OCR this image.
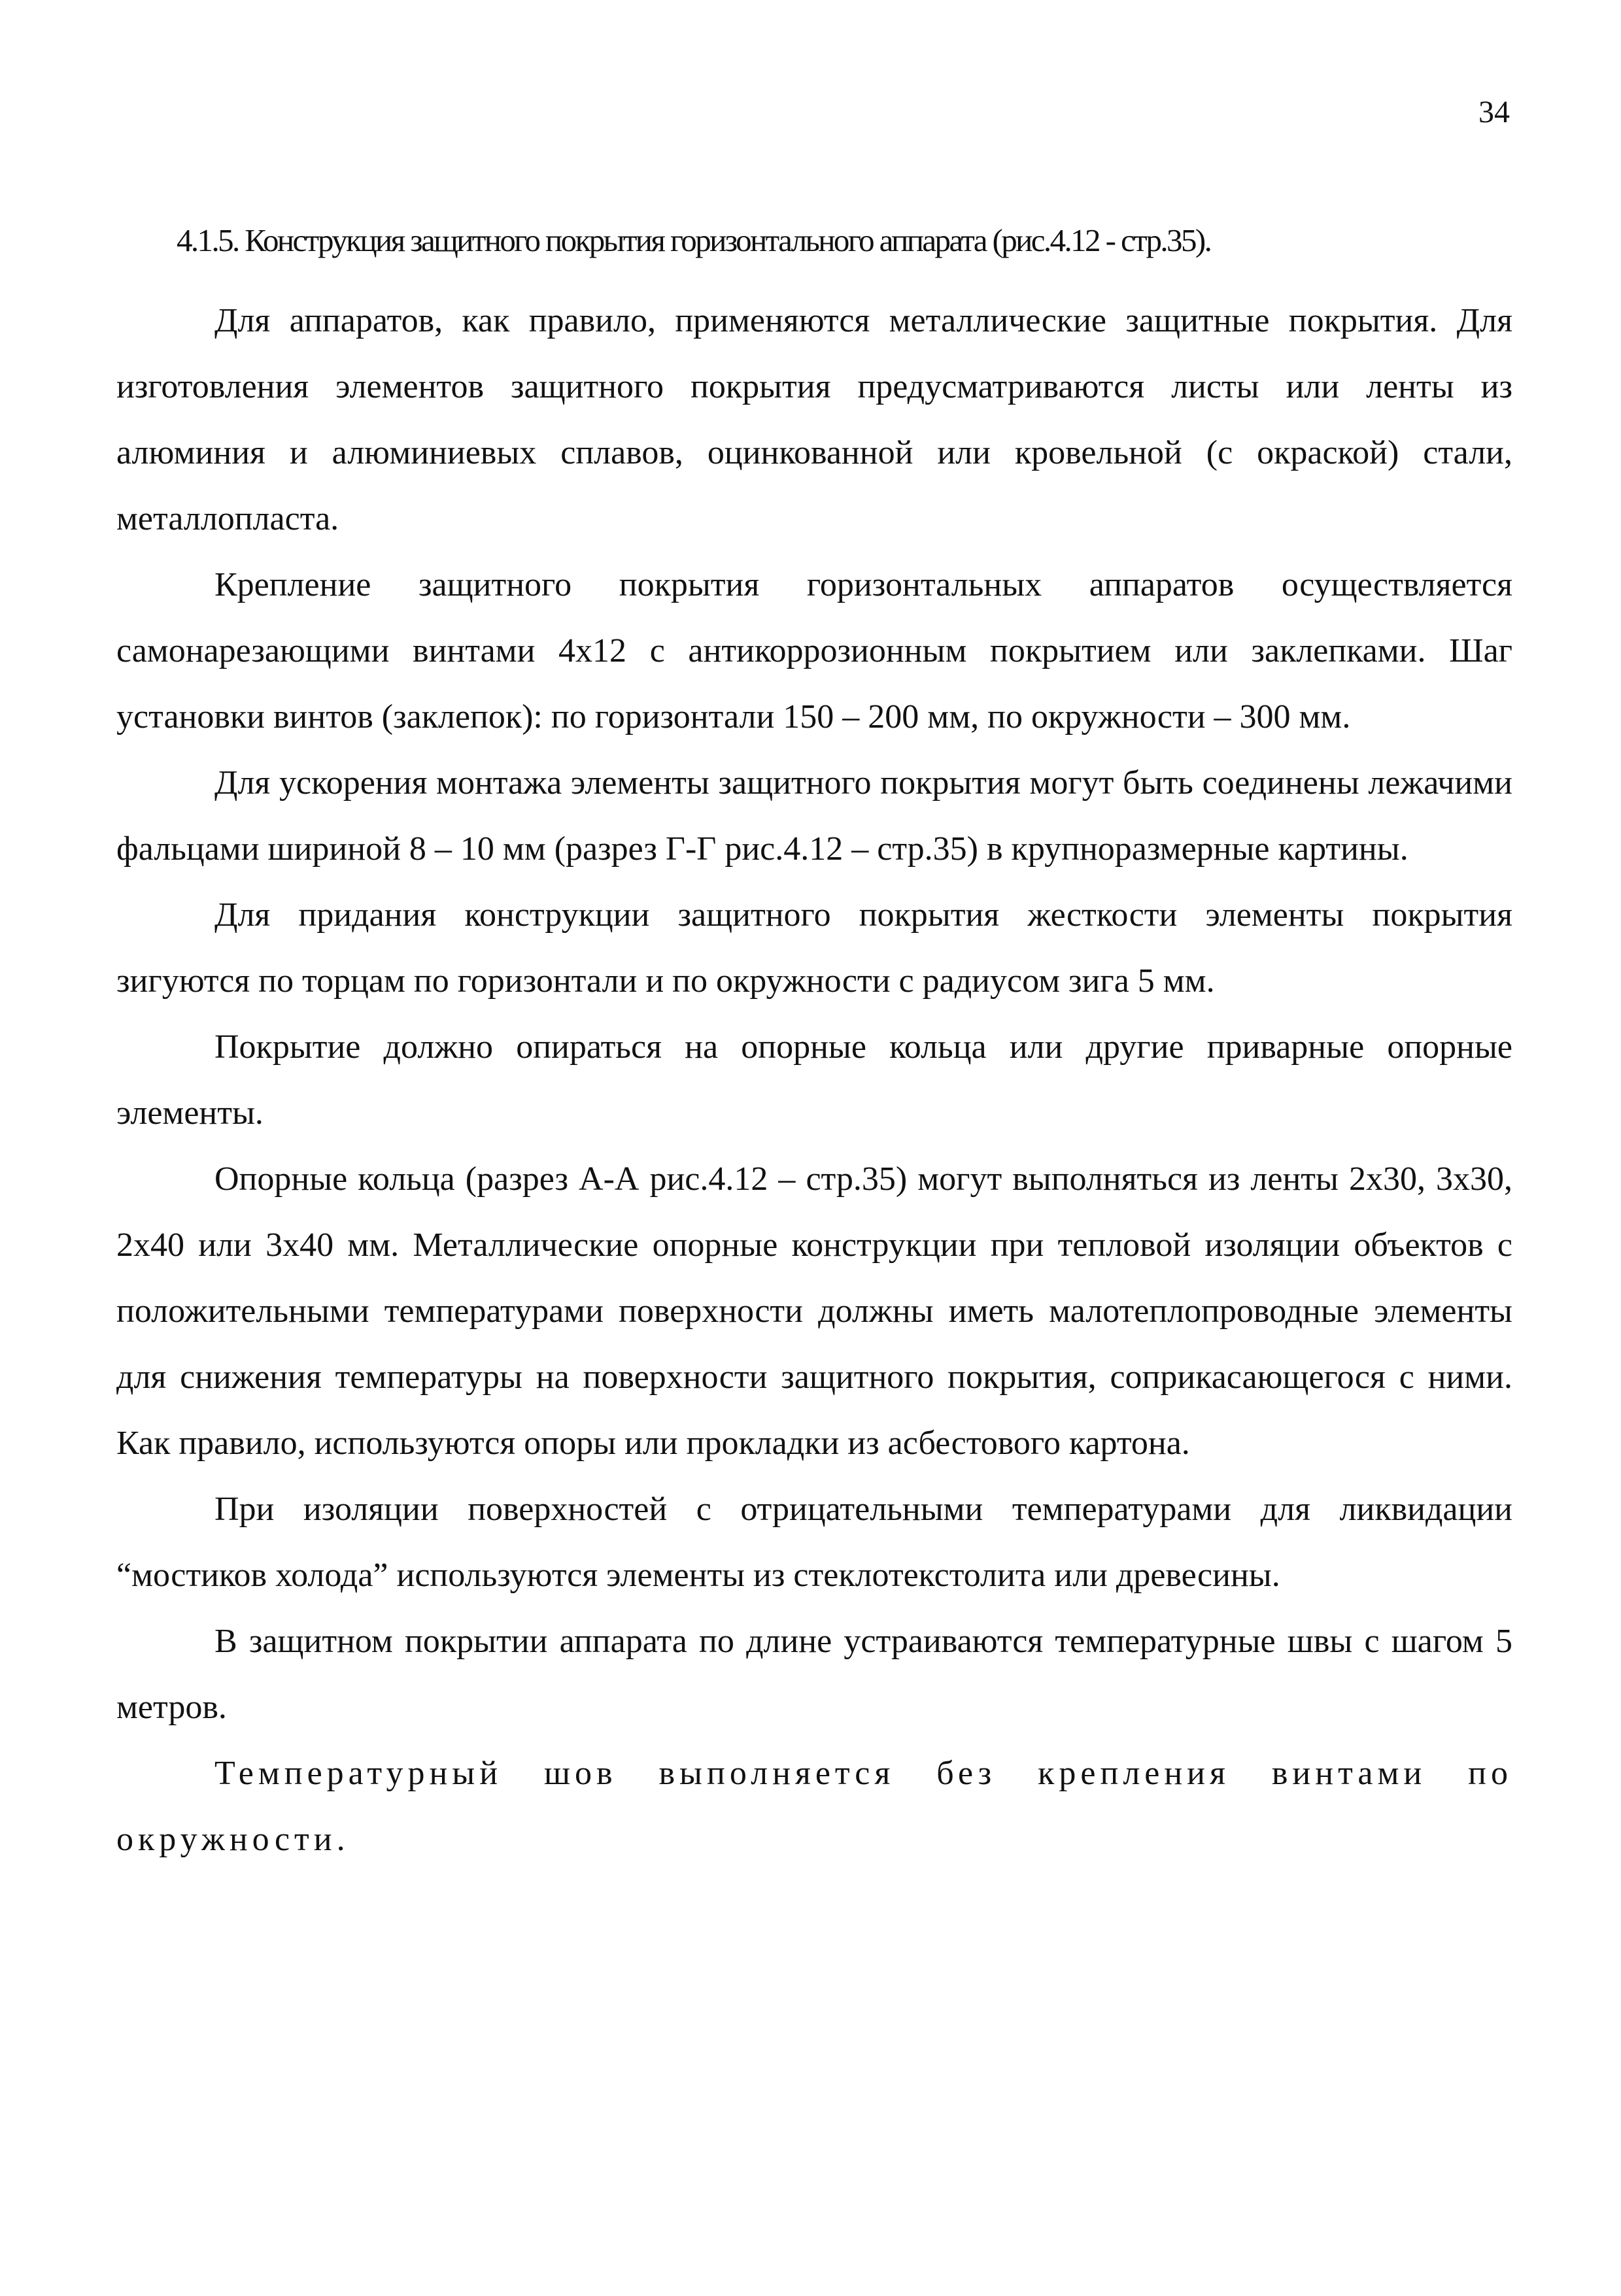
34

4.1.5. Конструкция защитного покрытия горизонтального аппарата (рис.4.12 - стр.35).

Для аппаратов, как правило, применяются металлические защитные покрытия. Для изготовления элементов защитного покрытия предусматриваются листы или ленты из алюминия и алюминиевых сплавов, оцинкованной или кровельной (с окраской) стали, металлопласта.

Крепление защитного покрытия горизонтальных аппаратов осуществляется самонарезающими винтами 4х12 с антикоррозионным покрытием или заклепками. Шаг установки винтов (заклепок): по горизонтали 150 – 200 мм, по окружности – 300 мм.

Для ускорения монтажа элементы защитного покрытия могут быть соединены лежачими фальцами шириной 8 – 10 мм (разрез Г-Г рис.4.12 – стр.35) в крупноразмерные картины.

Для придания конструкции защитного покрытия жесткости элементы покрытия зигуются по торцам по горизонтали и по окружности с радиусом зига 5 мм.

Покрытие должно опираться на опорные кольца или другие приварные опорные элементы.

Опорные кольца (разрез А-А рис.4.12 – стр.35) могут выполняться из ленты 2х30, 3х30, 2х40 или 3х40 мм. Металлические опорные конструкции при тепловой изоляции объектов с положительными температурами поверхности должны иметь малотеплопроводные элементы для снижения температуры на поверхности защитного покрытия, соприкасающегося с ними. Как правило, используются опоры или прокладки из асбестового картона.

При изоляции поверхностей с отрицательными температурами для ликвидации “мостиков холода” используются элементы из стеклотекстолита или древесины.

В защитном покрытии аппарата по длине устраиваются температурные швы с шагом 5 метров.

Температурный шов выполняется без крепления винтами по окружности.
